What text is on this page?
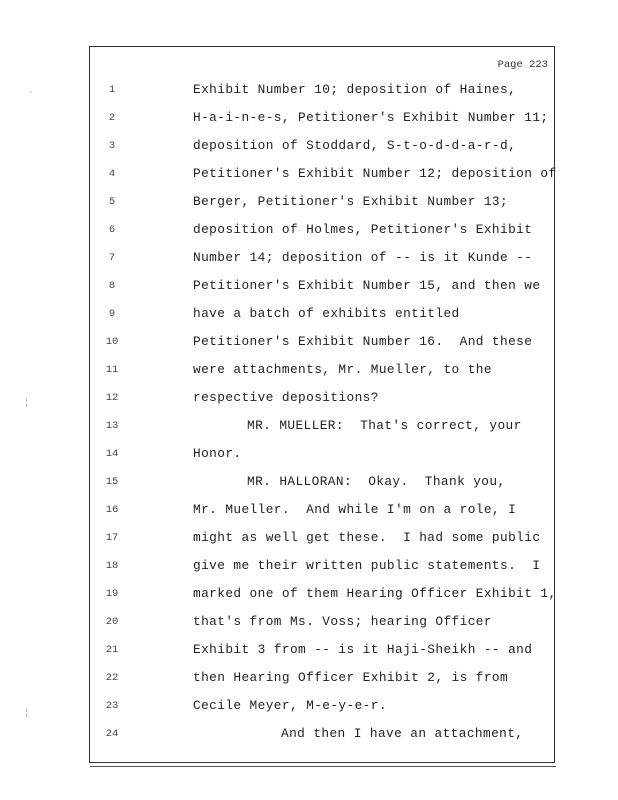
Page 223
1	Exhibit Number 10; deposition of Haines,
2	H-a-i-n-e-s, Petitioner's Exhibit Number 11;
3	deposition of Stoddard, S-t-o-d-d-a-r-d,
4	Petitioner's Exhibit Number 12; deposition of
5	Berger, Petitioner's Exhibit Number 13;
6	deposition of Holmes, Petitioner's Exhibit
7	Number 14; deposition of -- is it Kunde --
8	Petitioner's Exhibit Number 15, and then we
9	have a batch of exhibits entitled
10	Petitioner's Exhibit Number 16.  And these
11	were attachments, Mr. Mueller, to the
12	respective depositions?
13	MR. MUELLER:  That's correct, your
14	Honor.
15	MR. HALLORAN:  Okay.  Thank you,
16	Mr. Mueller.  And while I'm on a role, I
17	might as well get these.  I had some public
18	give me their written public statements.  I
19	marked one of them Hearing Officer Exhibit 1,
20	that's from Ms. Voss; hearing Officer
21	Exhibit 3 from -- is it Haji-Sheikh -- and
22	then Hearing Officer Exhibit 2, is from
23	Cecile Meyer, M-e-y-e-r.
24	And then I have an attachment,
·
¦
¦
